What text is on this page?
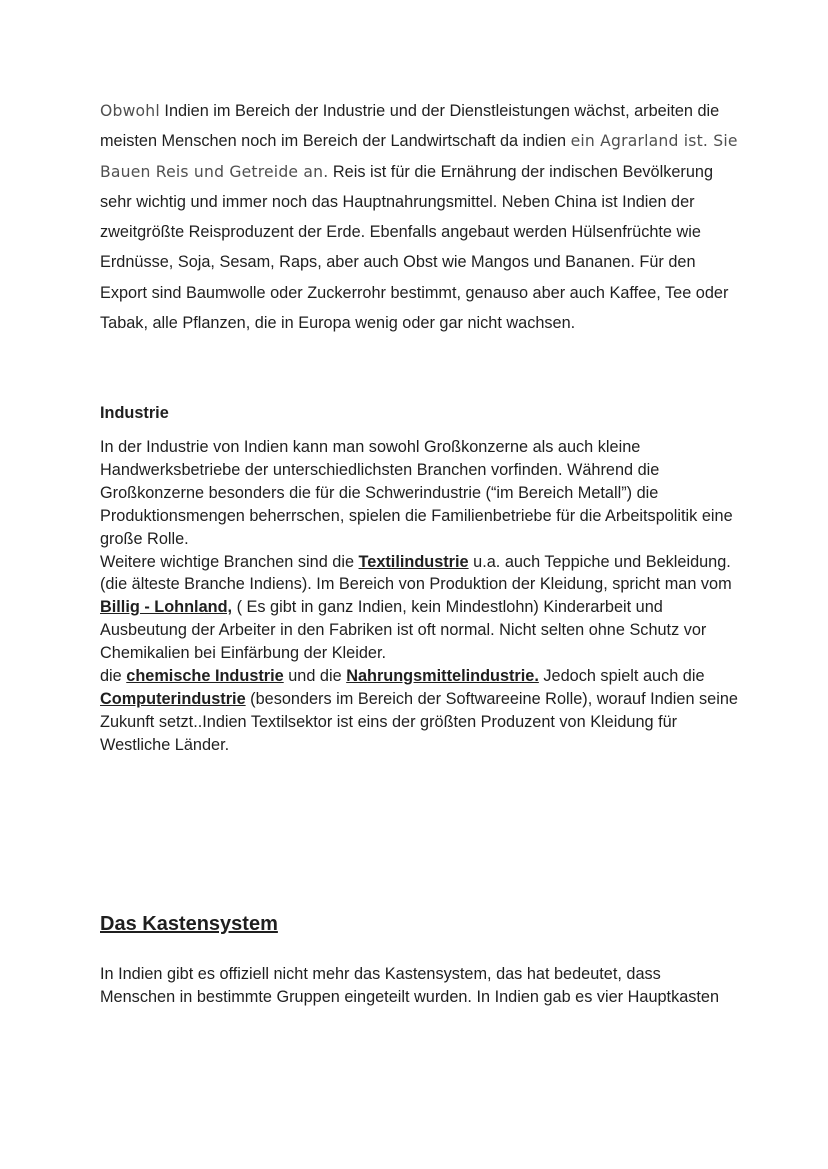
Obwohl Indien im Bereich der Industrie und der Dienstleistungen wächst, arbeiten die meisten Menschen noch im Bereich der Landwirtschaft da indien ein Agrarland ist. Sie Bauen Reis und Getreide an. Reis ist für die Ernährung der indischen Bevölkerung sehr wichtig und immer noch das Hauptnahrungsmittel. Neben China ist Indien der zweitgrößte Reisproduzent der Erde. Ebenfalls angebaut werden Hülsenfrüchte wie Erdnüsse, Soja, Sesam, Raps, aber auch Obst wie Mangos und Bananen. Für den Export sind Baumwolle oder Zuckerrohr bestimmt, genauso aber auch Kaffee, Tee oder Tabak, alle Pflanzen, die in Europa wenig oder gar nicht wachsen.

Industrie

In der Industrie von Indien kann man sowohl Großkonzerne als auch kleine Handwerksbetriebe der unterschiedlichsten Branchen vorfinden. Während die Großkonzerne besonders die für die Schwerindustrie (“im Bereich Metall”) die Produktionsmengen beherrschen, spielen die Familienbetriebe für die Arbeitspolitik eine große Rolle.
Weitere wichtige Branchen sind die Textilindustrie u.a. auch Teppiche und Bekleidung. (die älteste Branche Indiens). Im Bereich von Produktion der Kleidung, spricht man vom Billig - Lohnland, ( Es gibt in ganz Indien, kein Mindestlohn) Kinderarbeit und Ausbeutung der Arbeiter in den Fabriken ist oft normal. Nicht selten ohne Schutz vor Chemikalien bei Einfärbung der Kleider.
die chemische Industrie und die Nahrungsmittelindustrie. Jedoch spielt auch die Computerindustrie (besonders im Bereich der Softwareeine Rolle), worauf Indien seine Zukunft setzt..Indien Textilsektor ist eins der größten Produzent von Kleidung für Westliche Länder.

Das Kastensystem

In Indien gibt es offiziell nicht mehr das Kastensystem, das hat bedeutet, dass Menschen in bestimmte Gruppen eingeteilt wurden. In Indien gab es vier Hauptkasten
